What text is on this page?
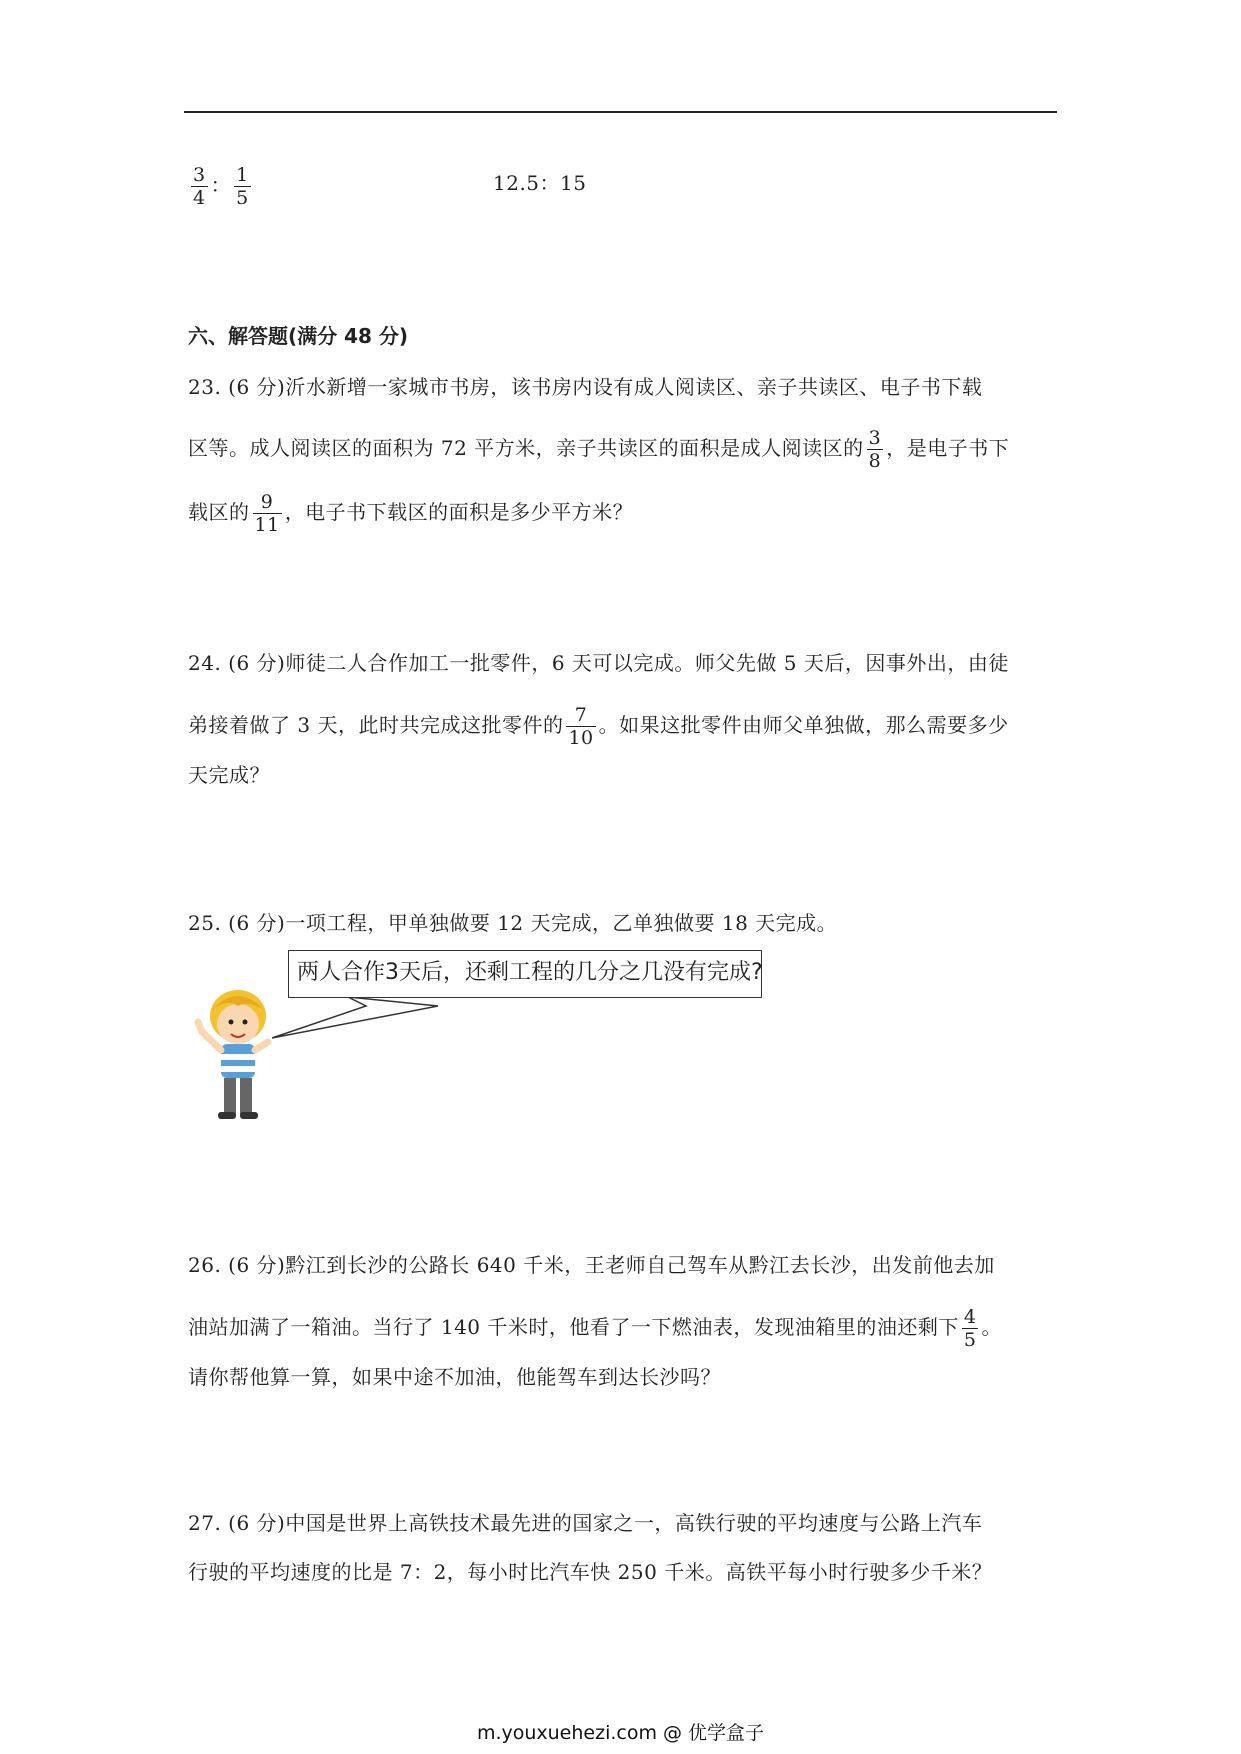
$\frac{3}{4}$ ： $\frac{1}{5}$	12.5：15
六、解答题(满分 48 分)
23. (6 分)沂水新增一家城市书房，该书房内设有成人阅读区、亲子共读区、电子书下载
区等。成人阅读区的面积为 72 平方米，亲子共读区的面积是成人阅读区的 $\frac{3}{8}$ ，是电子书下
载区的 $\frac{9}{11}$ ，电子书下载区的面积是多少平方米？
24. (6 分)师徒二人合作加工一批零件，6 天可以完成。师父先做 5 天后，因事外出，由徒
弟接着做了 3 天，此时共完成这批零件的 $\frac{7}{10}$ 。如果这批零件由师父单独做，那么需要多少
天完成？
25. (6 分)一项工程，甲单独做要 12 天完成，乙单独做要 18 天完成。
两人合作3天后，还剩工程的几分之几没有完成?
26. (6 分)黔江到长沙的公路长 640 千米，王老师自己驾车从黔江去长沙，出发前他去加
油站加满了一箱油。当行了 140 千米时，他看了一下燃油表，发现油箱里的油还剩下 $\frac{4}{5}$ 。
请你帮他算一算，如果中途不加油，他能驾车到达长沙吗？
27. (6 分)中国是世界上高铁技术最先进的国家之一，高铁行驶的平均速度与公路上汽车
行驶的平均速度的比是 7：2，每小时比汽车快 250 千米。高铁平每小时行驶多少千米？
m.youxuehezi.com @ 优学盒子
